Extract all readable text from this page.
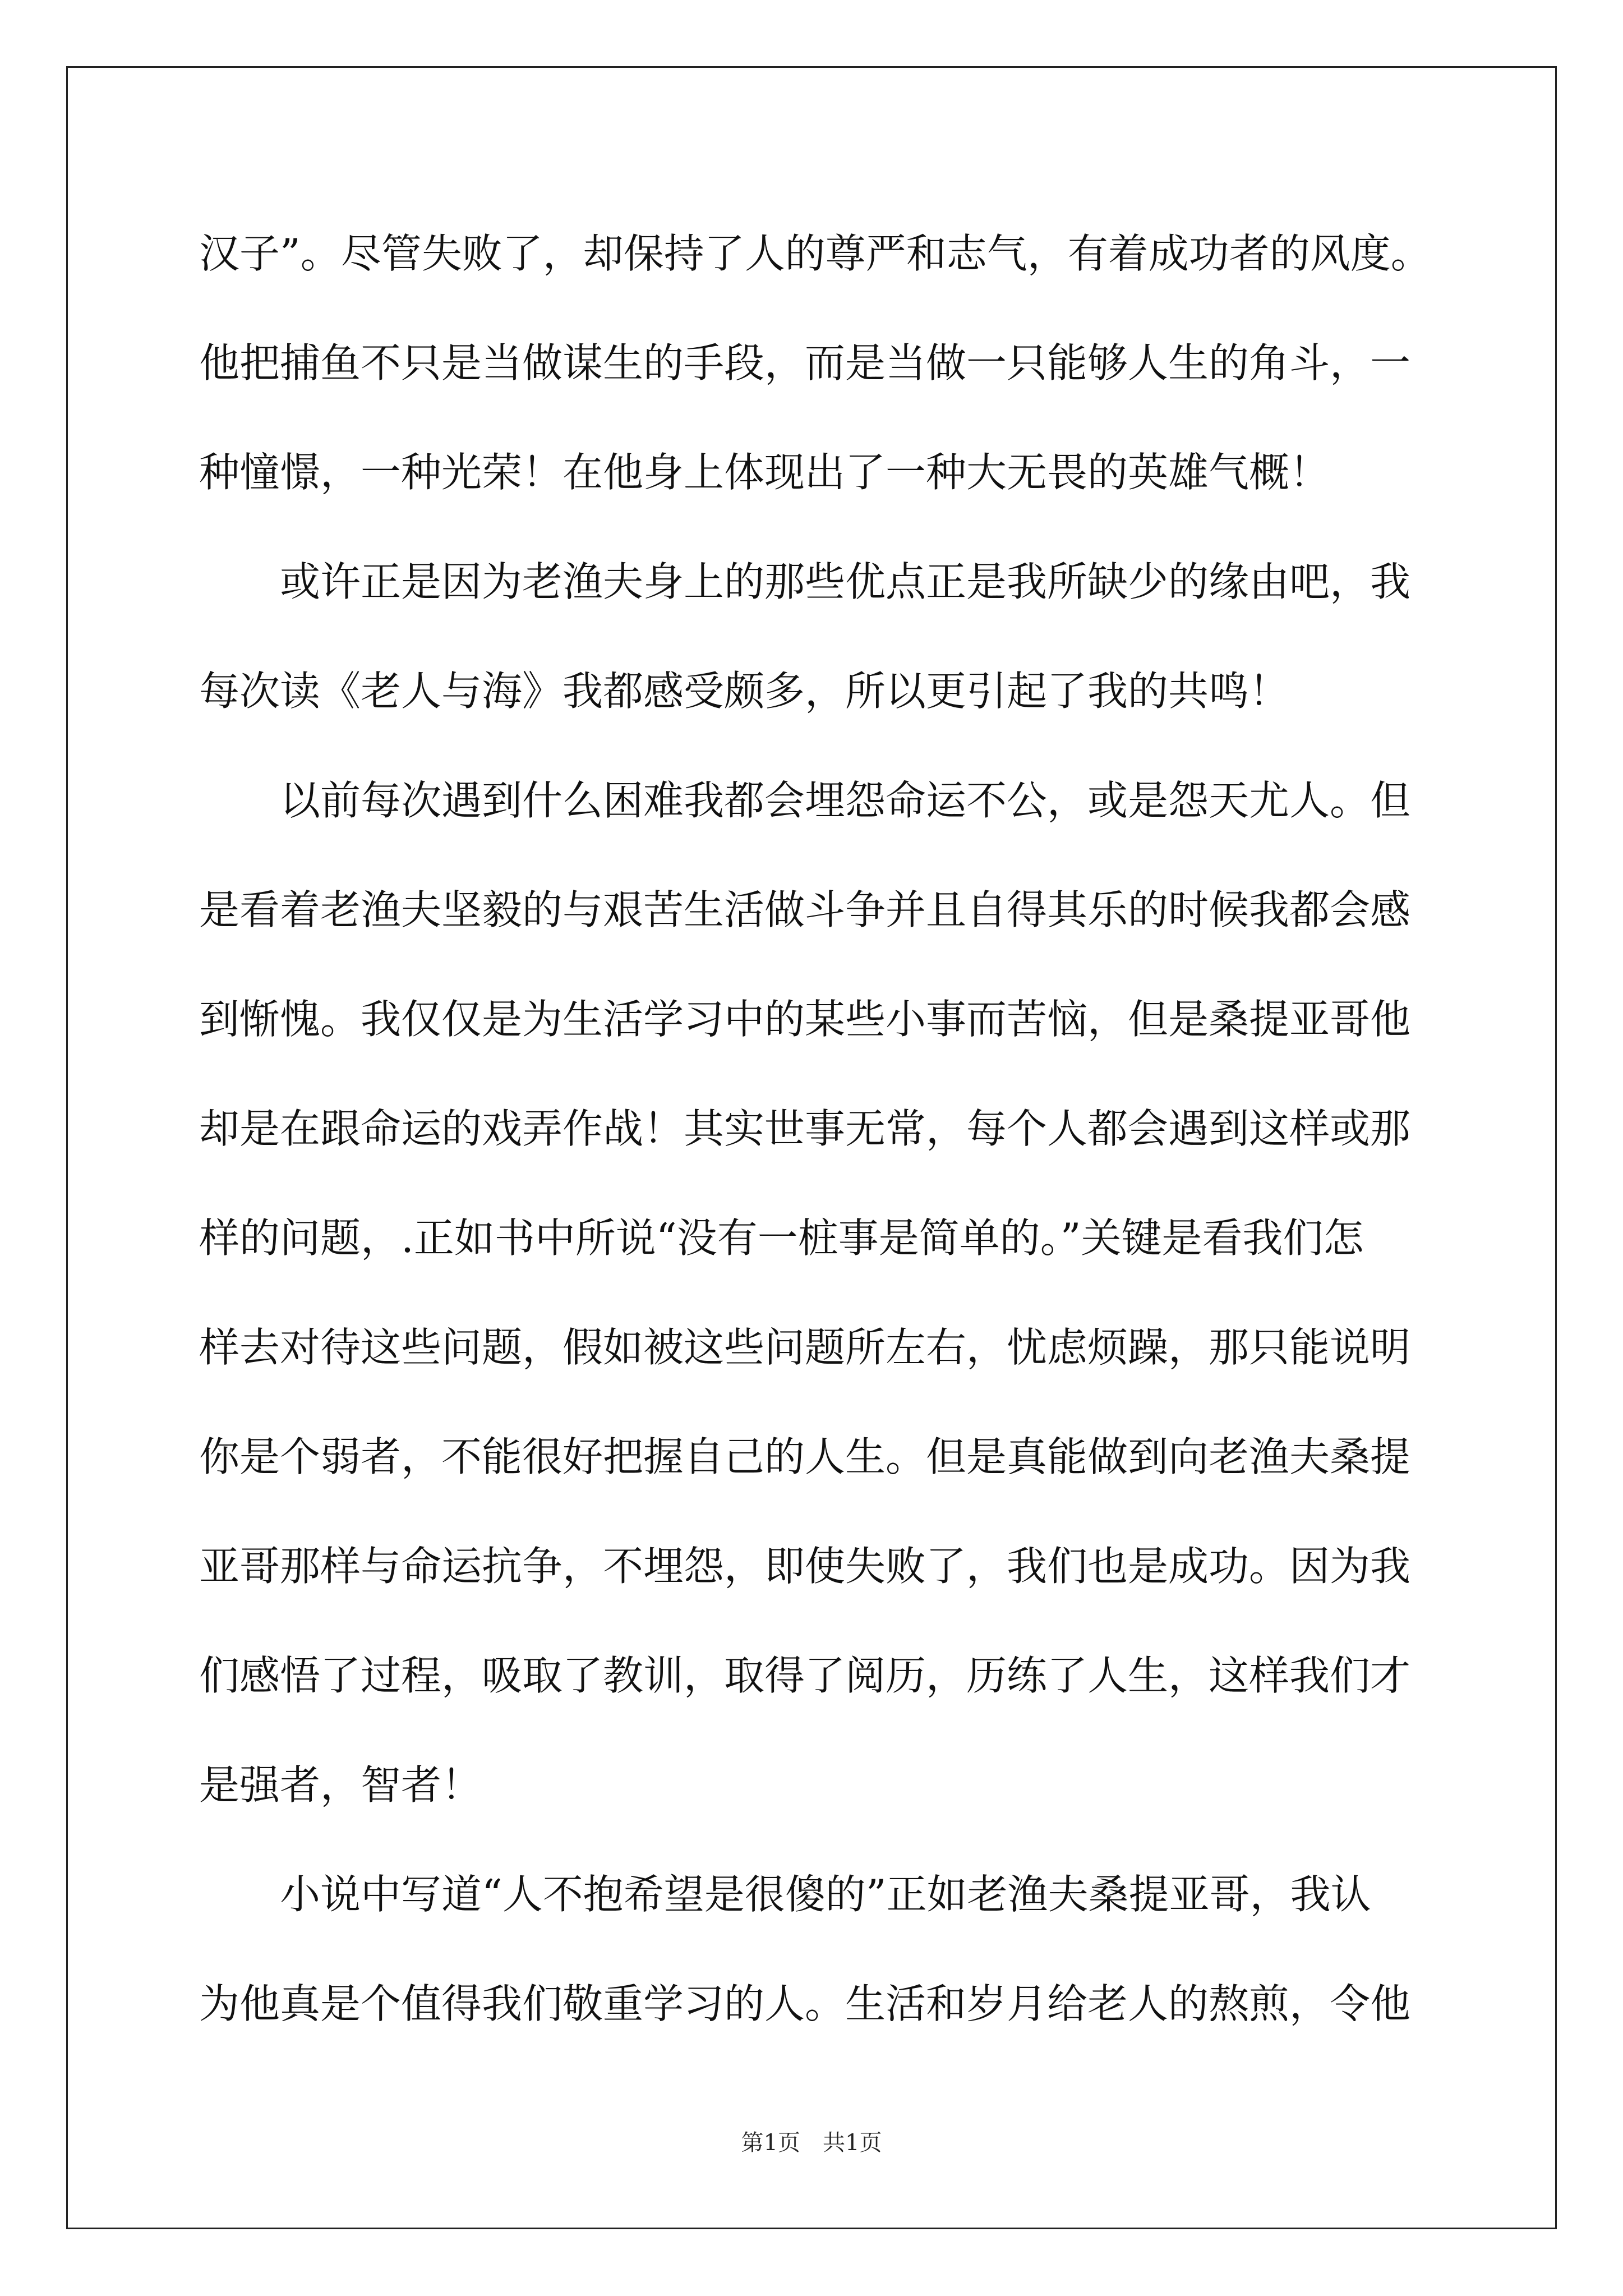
汉子”。尽管失败了，却保持了人的尊严和志气，有着成功者的风度。
他把捕鱼不只是当做谋生的手段，而是当做一只能够人生的角斗，一
种憧憬，一种光荣！在他身上体现出了一种大无畏的英雄气概！

　　或许正是因为老渔夫身上的那些优点正是我所缺少的缘由吧，我
每次读《老人与海》我都感受颇多，所以更引起了我的共鸣！

　　以前每次遇到什么困难我都会埋怨命运不公，或是怨天尤人。但
是看着老渔夫坚毅的与艰苦生活做斗争并且自得其乐的时候我都会感
到惭愧。我仅仅是为生活学习中的某些小事而苦恼，但是桑提亚哥他
却是在跟命运的戏弄作战！其实世事无常，每个人都会遇到这样或那
样的问题，.正如书中所说“没有一桩事是简单的。”关键是看我们怎
样去对待这些问题，假如被这些问题所左右，忧虑烦躁，那只能说明
你是个弱者，不能很好把握自己的人生。但是真能做到向老渔夫桑提
亚哥那样与命运抗争，不埋怨，即使失败了，我们也是成功。因为我
们感悟了过程，吸取了教训，取得了阅历，历练了人生，这样我们才
是强者，智者！

　　小说中写道“人不抱希望是很傻的”正如老渔夫桑提亚哥，我认
为他真是个值得我们敬重学习的人。生活和岁月给老人的熬煎，令他

第1页　共1页
